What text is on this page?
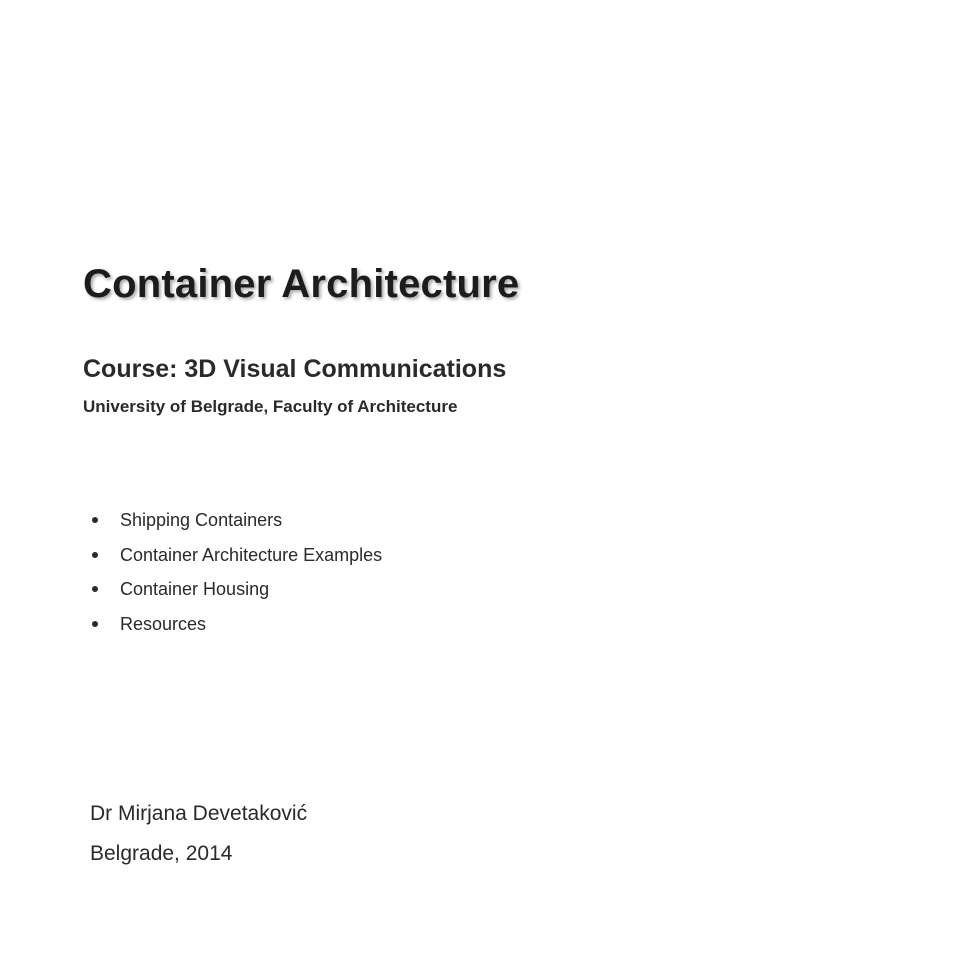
Container Architecture
Course: 3D Visual Communications
University of Belgrade, Faculty of Architecture
Shipping Containers
Container Architecture Examples
Container Housing
Resources

Dr Mirjana Devetaković

Belgrade, 2014
